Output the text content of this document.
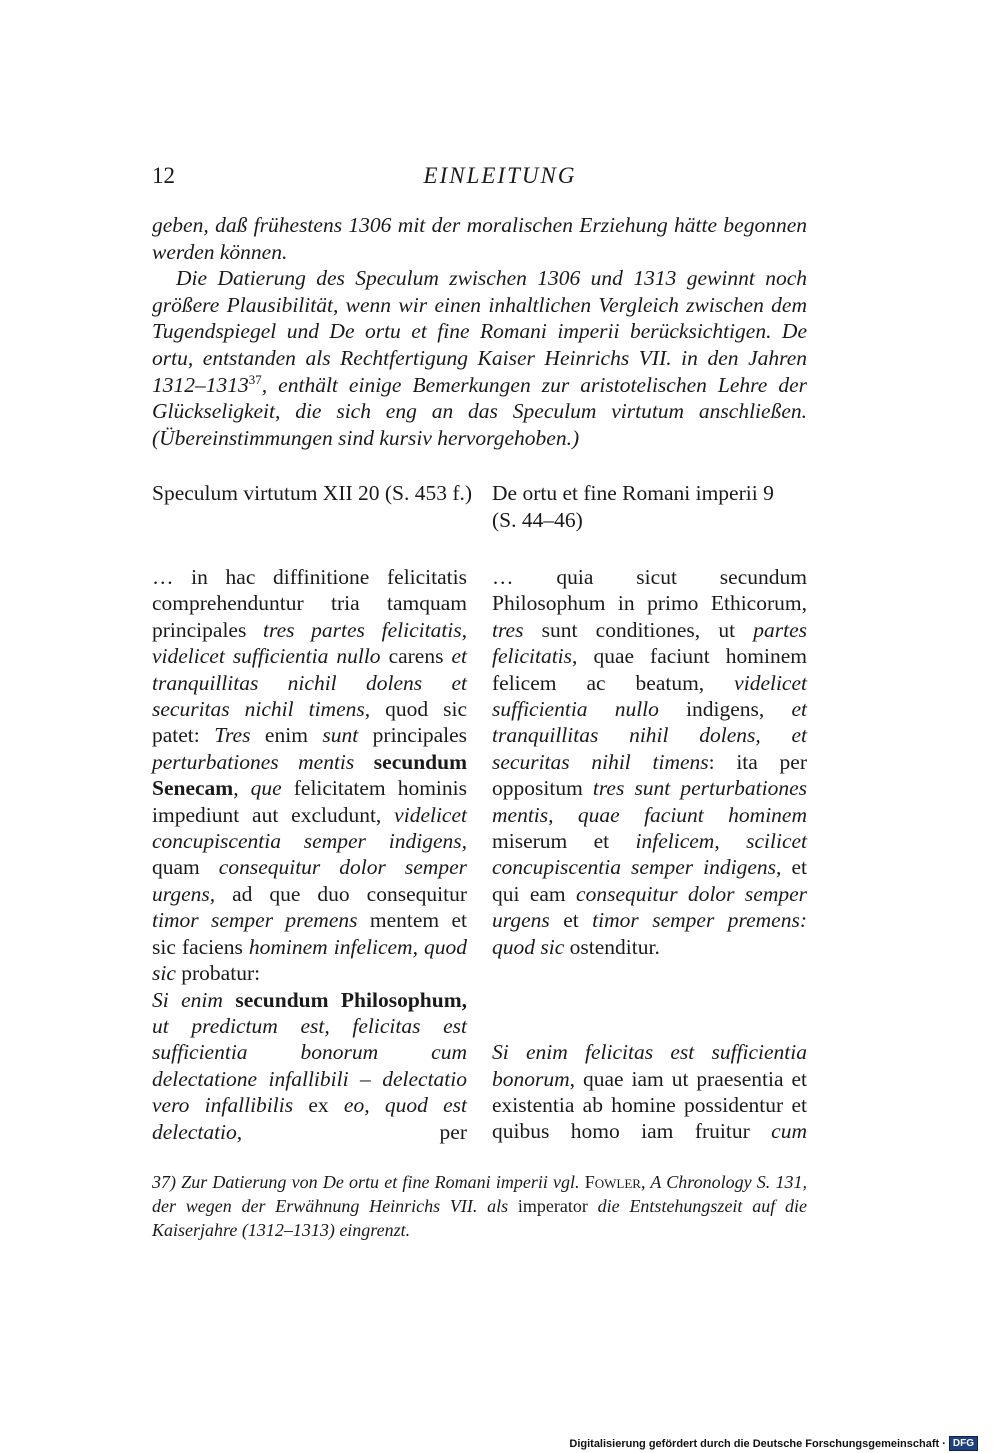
12	EINLEITUNG

geben, daß frühestens 1306 mit der moralischen Erziehung hätte begonnen werden können.

Die Datierung des Speculum zwischen 1306 und 1313 gewinnt noch größere Plausibilität, wenn wir einen inhaltlichen Vergleich zwischen dem Tugendspiegel und De ortu et fine Romani imperii berücksichtigen. De ortu, entstanden als Rechtfertigung Kaiser Heinrichs VII. in den Jahren 1312–1313$^{37}$, enthält einige Bemerkungen zur aristotelischen Lehre der Glückseligkeit, die sich eng an das Speculum virtutum anschließen. (Übereinstimmungen sind kursiv hervorgehoben.)

Speculum virtutum XII 20 (S. 453 f.) De ortu et fine Romani imperii 9
(S. 44–46)

… in hac diffinitione felicitatis comprehenduntur tria tamquam principales tres partes felicitatis, videlicet sufficientia nullo carens et tranquillitas nichil dolens et securitas nichil timens, quod sic patet: Tres enim sunt principales perturbationes mentis secundum Senecam, que felicitatem hominis impediunt aut excludunt, videlicet concupiscentia semper indigens, quam consequitur dolor semper urgens, ad que duo consequitur timor semper premens mentem et sic faciens hominem infelicem, quod sic probatur:

Si enim secundum Philosophum, ut predictum est, felicitas est sufficientia bonorum cum delectatione infallibili – delectatio vero infallibilis ex eo, quod est delectatio, per

… quia sicut secundum Philosophum in primo Ethicorum, tres sunt conditiones, ut partes felicitatis, quae faciunt hominem felicem ac beatum, videlicet sufficientia nullo indigens, et tranquillitas nihil dolens, et securitas nihil timens: ita per oppositum tres sunt perturbationes mentis, quae faciunt hominem miserum et infelicem, scilicet concupiscentia semper indigens, et qui eam consequitur dolor semper urgens et timor semper premens: quod sic ostenditur.

Si enim felicitas est sufficientia bonorum, quae iam ut praesentia et existentia ab homine possidentur et quibus homo iam fruitur cum

37) Zur Datierung von De ortu et fine Romani imperii vgl. Fowler, A Chronology S. 131, der wegen der Erwähnung Heinrichs VII. als imperator die Entstehungszeit auf die Kaiserjahre (1312–1313) eingrenzt.
Digitalisierung gefördert durch die Deutsche Forschungsgemeinschaft · DFG
